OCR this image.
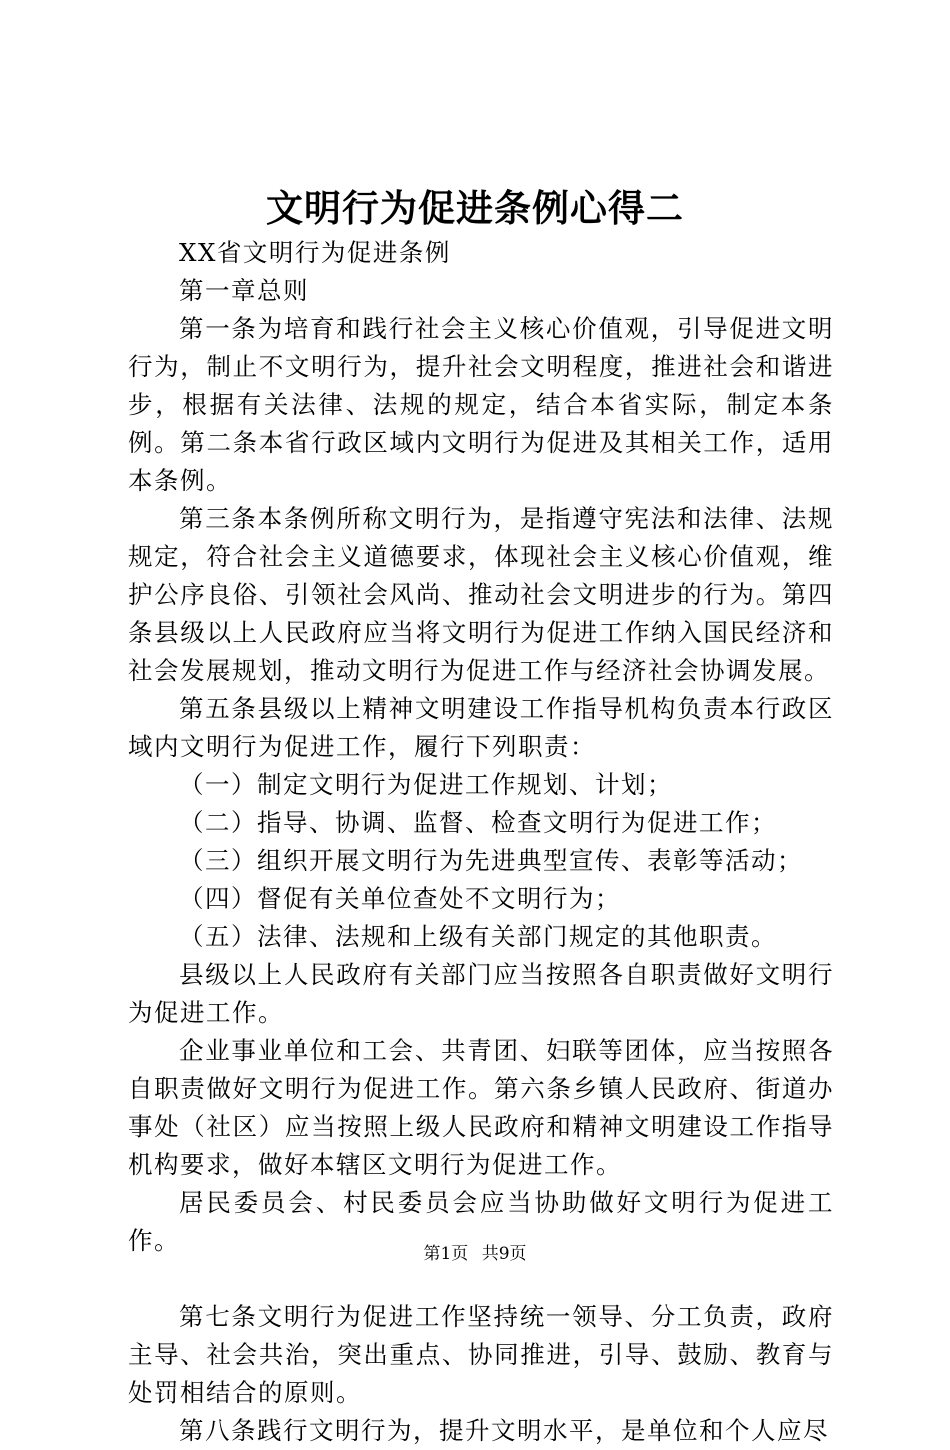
文明行为促进条例心得二

XX省文明行为促进条例

第一章总则

第一条为培育和践行社会主义核心价值观，引导促进文明行为，制止不文明行为，提升社会文明程度，推进社会和谐进步，根据有关法律、法规的规定，结合本省实际，制定本条例。第二条本省行政区域内文明行为促进及其相关工作，适用本条例。

第三条本条例所称文明行为，是指遵守宪法和法律、法规规定，符合社会主义道德要求，体现社会主义核心价值观，维护公序良俗、引领社会风尚、推动社会文明进步的行为。第四条县级以上人民政府应当将文明行为促进工作纳入国民经济和社会发展规划，推动文明行为促进工作与经济社会协调发展。

第五条县级以上精神文明建设工作指导机构负责本行政区域内文明行为促进工作，履行下列职责：

（一）制定文明行为促进工作规划、计划；

（二）指导、协调、监督、检查文明行为促进工作；

（三）组织开展文明行为先进典型宣传、表彰等活动；

（四）督促有关单位查处不文明行为；

（五）法律、法规和上级有关部门规定的其他职责。

县级以上人民政府有关部门应当按照各自职责做好文明行为促进工作。

企业事业单位和工会、共青团、妇联等团体，应当按照各自职责做好文明行为促进工作。第六条乡镇人民政府、街道办事处（社区）应当按照上级人民政府和精神文明建设工作指导机构要求，做好本辖区文明行为促进工作。

居民委员会、村民委员会应当协助做好文明行为促进工作。

第七条文明行为促进工作坚持统一领导、分工负责，政府主导、社会共治，突出重点、协同推进，引导、鼓励、教育与处罚相结合的原则。

第八条践行文明行为，提升文明水平，是单位和个人应尽

第1页 共9页
